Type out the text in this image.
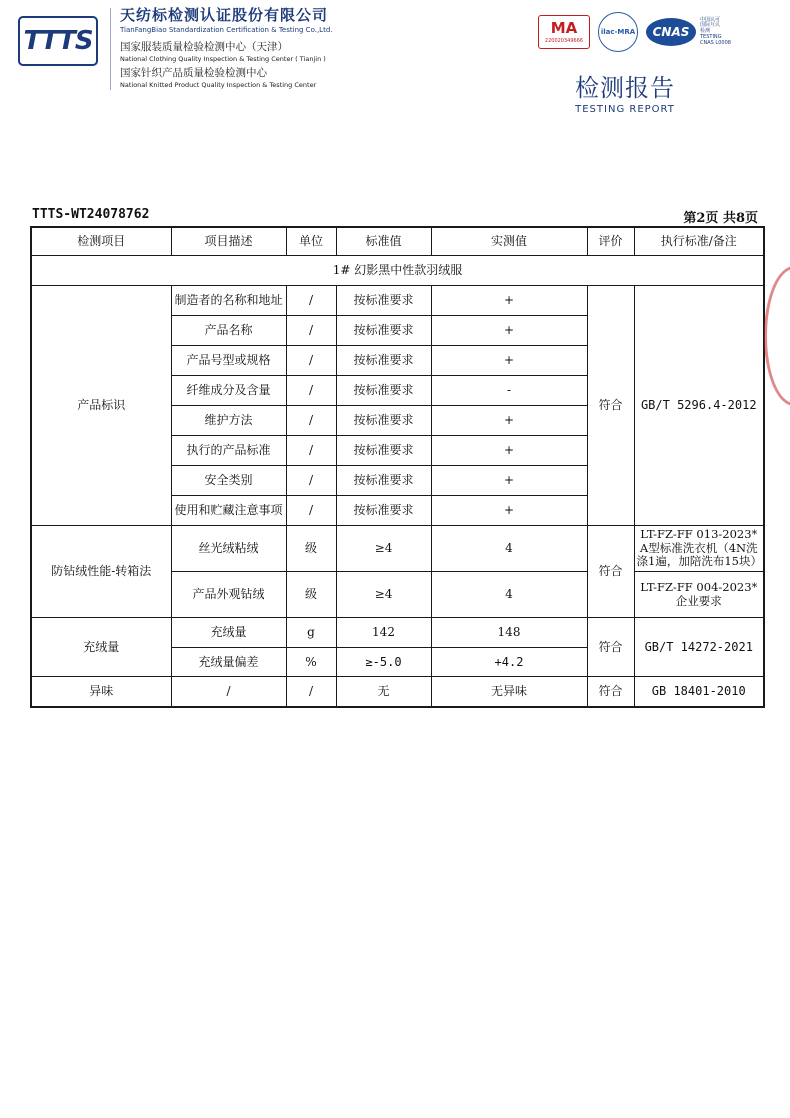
TTTS
天纺标检测认证股份有限公司
TianFangBiao Standardization Certification & Testing Co.,Ltd.
国家服装质量检验检测中心（天津）
National Clothing Quality Inspection & Testing Center ( Tianjin )
国家针织产品质量检验检测中心
National Knitted Product Quality Inspection & Testing Center
MA
220020349666
ilac-MRA CNAS
中国认可
国际互认
检测
TESTING
CNAS L0008
检测报告
TESTING REPORT
TTTS-WT24078762	第2页 共8页
检测项目	项目描述	单位	标准值	实测值	评价	执行标准/备注
1# 幻影黑中性款羽绒服						
产品标识	制造者的名称和地址	/	按标准要求	+	符合	GB/T 5296.4-2012
	产品名称	/	按标准要求	+		
	产品号型或规格	/	按标准要求	+		
	纤维成分及含量	/	按标准要求	-		
	维护方法	/	按标准要求	+		
	执行的产品标准	/	按标准要求	+		
	安全类别	/	按标准要求	+		
	使用和贮藏注意事项	/	按标准要求	+		
防钻绒性能-转箱法	丝光绒粘绒	级	≥4	4	符合	LT-FZ-FF 013-2023* A型标准洗衣机（4N洗涤1遍，加陪洗布15块）
	产品外观钻绒	级	≥4	4		LT-FZ-FF 004-2023* 企业要求
充绒量	充绒量	g	142	148	符合	GB/T 14272-2021
	充绒量偏差	%	≥-5.0	+4.2		
异味	/	/	无	无异味	符合	GB 18401-2010
